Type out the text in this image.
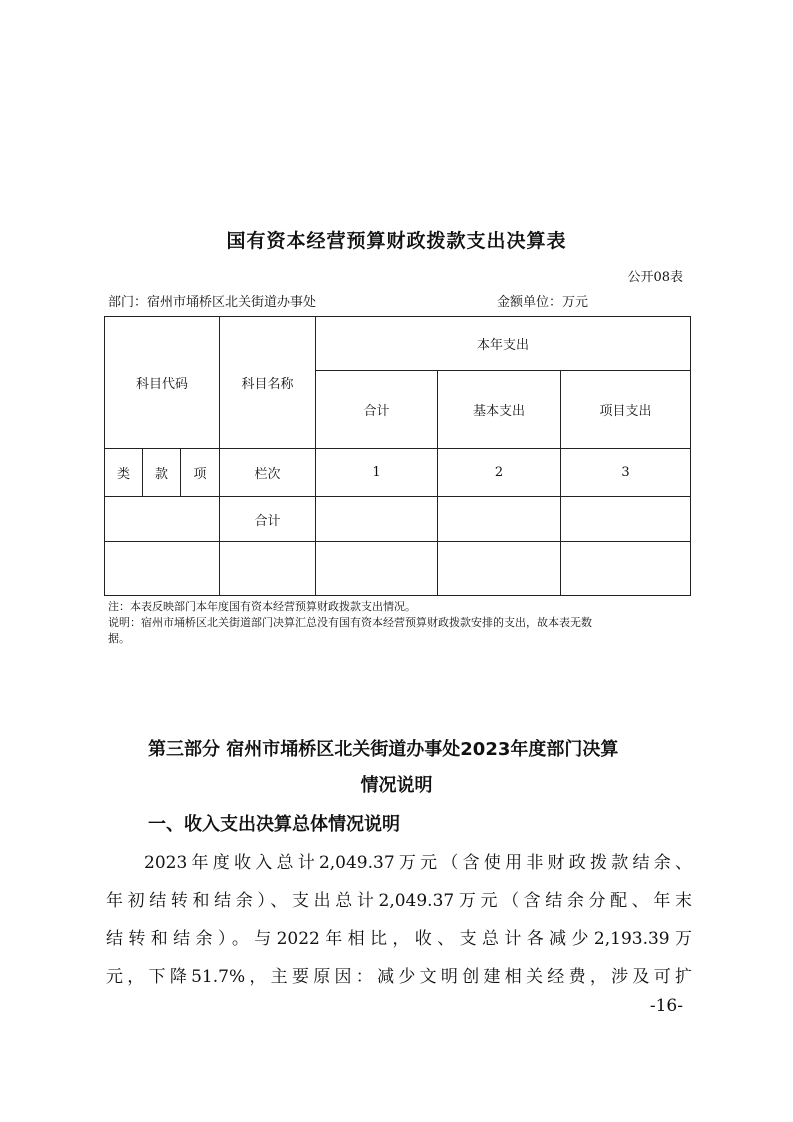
国有资本经营预算财政拨款支出决算表
公开08表
部门：宿州市埇桥区北关街道办事处	金额单位：万元
科目代码			科目名称	本年支出		
				合计	基本支出	项目支出
类	款	项	栏次	1	2	3
			合计			

注：本表反映部门本年度国有资本经营预算财政拨款支出情况。
说明：宿州市埇桥区北关街道部门决算汇总没有国有资本经营预算财政拨款安排的支出，故本表无数
据。
第三部分 宿州市埇桥区北关街道办事处2023年度部门决算
情况说明
一、收入支出决算总体情况说明
2023年度收入总计2,049.37万元（含使用非财政拨款结余、
年初结转和结余）、支出总计2,049.37万元（含结余分配、年末
结转和结余）。与2022年相比，收、支总计各减少2,193.39万
元，下降51.7%，主要原因：减少文明创建相关经费，涉及可扩
-16-
